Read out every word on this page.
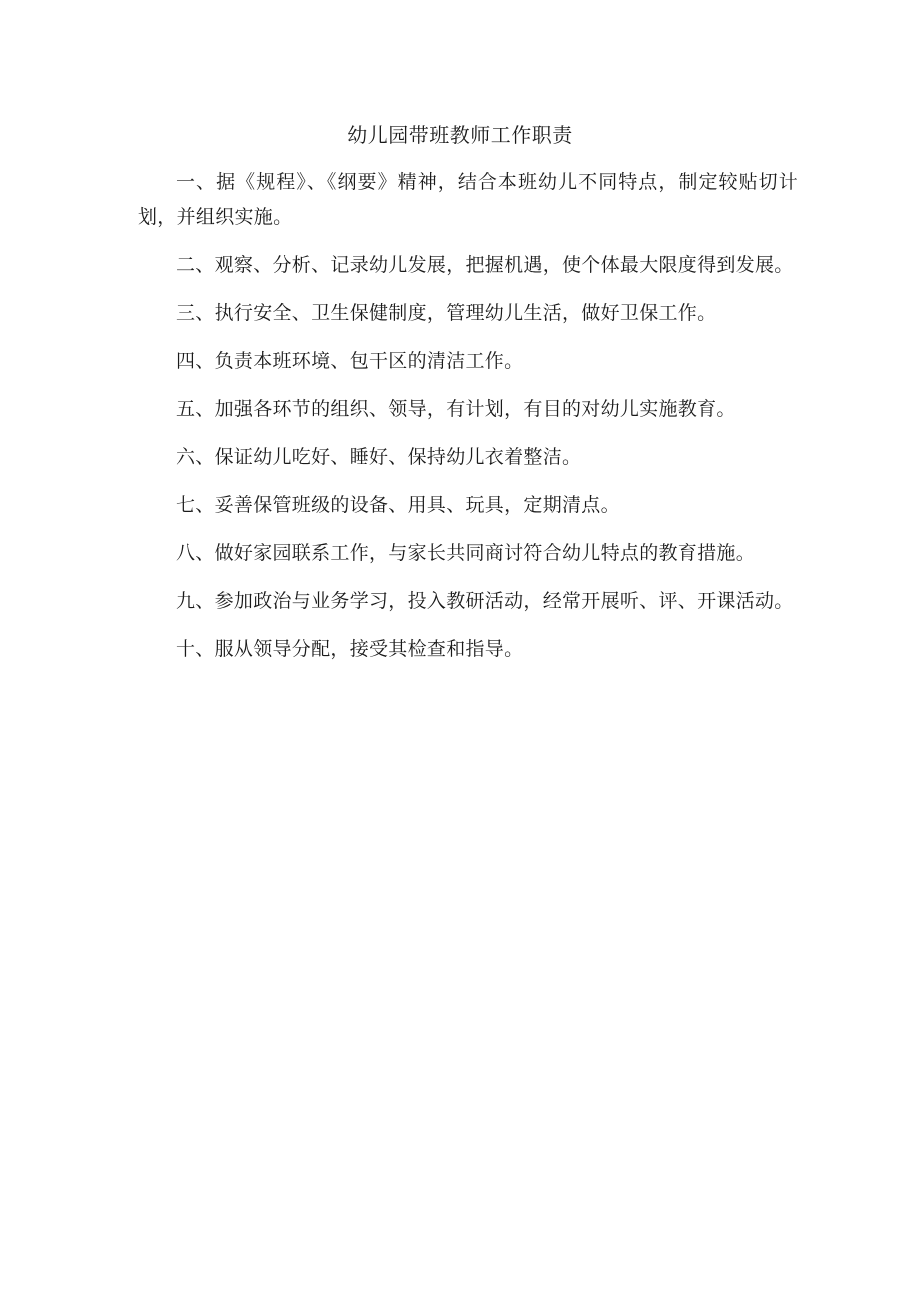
幼儿园带班教师工作职责

一、据《规程》、《纲要》精神，结合本班幼儿不同特点，制定较贴切计划，并组织实施。

二、观察、分析、记录幼儿发展，把握机遇，使个体最大限度得到发展。

三、执行安全、卫生保健制度，管理幼儿生活，做好卫保工作。

四、负责本班环境、包干区的清洁工作。

五、加强各环节的组织、领导，有计划，有目的对幼儿实施教育。

六、保证幼儿吃好、睡好、保持幼儿衣着整洁。

七、妥善保管班级的设备、用具、玩具，定期清点。

八、做好家园联系工作，与家长共同商讨符合幼儿特点的教育措施。

九、参加政治与业务学习，投入教研活动，经常开展听、评、开课活动。

十、服从领导分配，接受其检查和指导。
